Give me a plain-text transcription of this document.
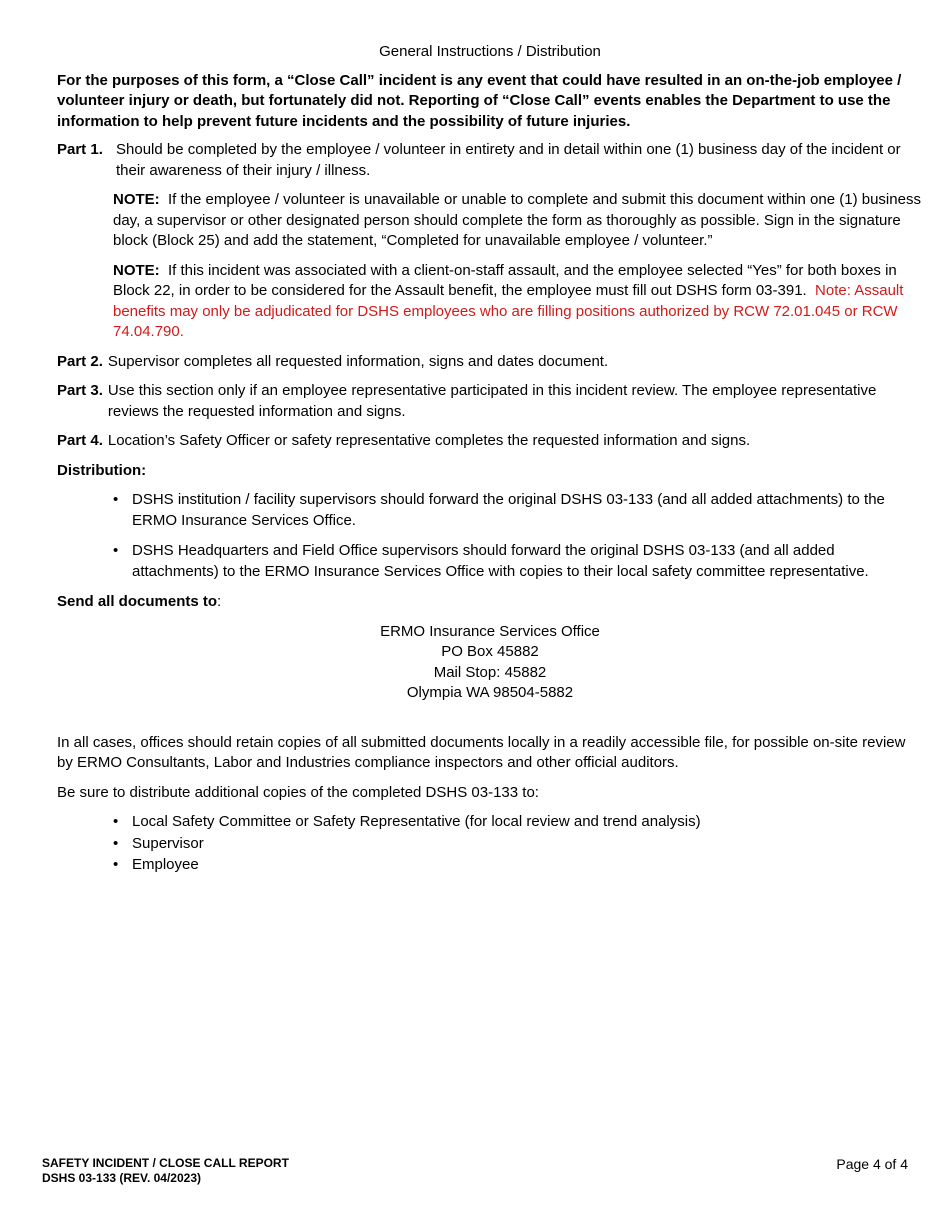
General Instructions / Distribution

For the purposes of this form, a “Close Call” incident is any event that could have resulted in an on-the-job employee / volunteer injury or death, but fortunately did not. Reporting of “Close Call” events enables the Department to use the information to help prevent future incidents and the possibility of future injuries.

Part 1. Should be completed by the employee / volunteer in entirety and in detail within one (1) business day of the incident or their awareness of their injury / illness.

NOTE: If the employee / volunteer is unavailable or unable to complete and submit this document within one (1) business day, a supervisor or other designated person should complete the form as thoroughly as possible. Sign in the signature block (Block 25) and add the statement, “Completed for unavailable employee / volunteer.”

NOTE: If this incident was associated with a client-on-staff assault, and the employee selected “Yes” for both boxes in Block 22, in order to be considered for the Assault benefit, the employee must fill out DSHS form 03-391. Note: Assault benefits may only be adjudicated for DSHS employees who are filling positions authorized by RCW 72.01.045 or RCW 74.04.790.

Part 2. Supervisor completes all requested information, signs and dates document.
Part 3. Use this section only if an employee representative participated in this incident review. The employee representative reviews the requested information and signs.
Part 4. Location’s Safety Officer or safety representative completes the requested information and signs.

Distribution:

• DSHS institution / facility supervisors should forward the original DSHS 03-133 (and all added attachments) to the ERMO Insurance Services Office.
• DSHS Headquarters and Field Office supervisors should forward the original DSHS 03-133 (and all added attachments) to the ERMO Insurance Services Office with copies to their local safety committee representative.

Send all documents to:

ERMO Insurance Services Office
PO Box 45882
Mail Stop: 45882
Olympia WA 98504-5882

In all cases, offices should retain copies of all submitted documents locally in a readily accessible file, for possible on-site review by ERMO Consultants, Labor and Industries compliance inspectors and other official auditors.

Be sure to distribute additional copies of the completed DSHS 03-133 to:

• Local Safety Committee or Safety Representative (for local review and trend analysis)
• Supervisor
• Employee
SAFETY INCIDENT / CLOSE CALL REPORT
DSHS 03-133 (REV. 04/2023)
Page 4 of 4
